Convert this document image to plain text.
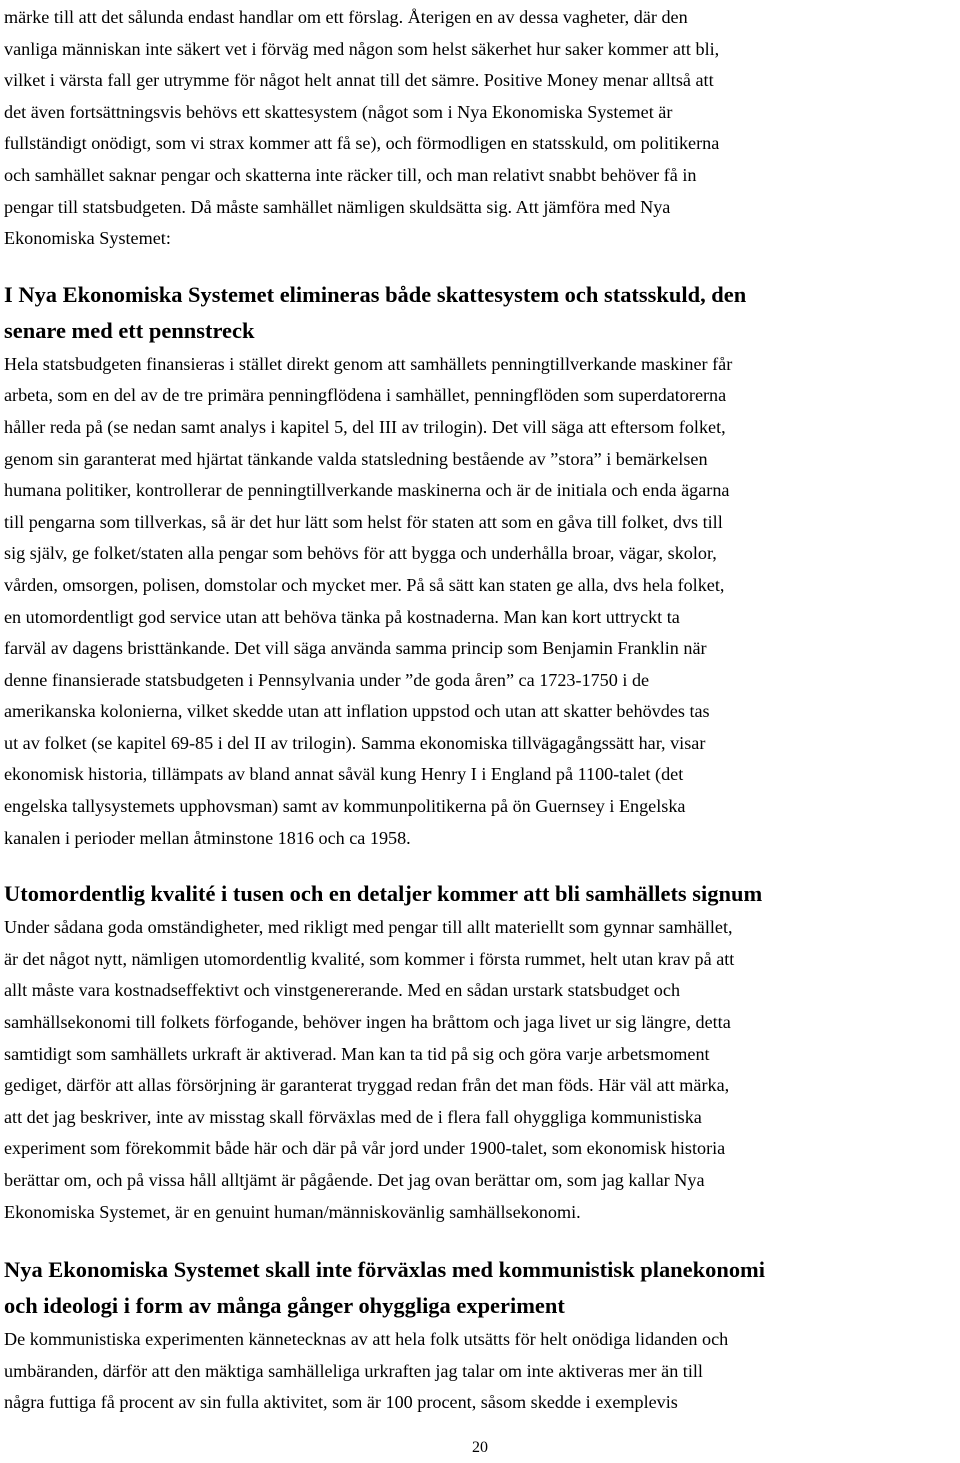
märke till att det sålunda endast handlar om ett förslag. Återigen en av dessa vagheter, där den
vanliga människan inte säkert vet i förväg med någon som helst säkerhet hur saker kommer att bli,
vilket i värsta fall ger utrymme för något helt annat till det sämre. Positive Money menar alltså att
det även fortsättningsvis behövs ett skattesystem (något som i Nya Ekonomiska Systemet är
fullständigt onödigt, som vi strax kommer att få se), och förmodligen en statsskuld, om politikerna
och samhället saknar pengar och skatterna inte räcker till, och man relativt snabbt behöver få in
pengar till statsbudgeten. Då måste samhället nämligen skuldsätta sig. Att jämföra med Nya
Ekonomiska Systemet:

I Nya Ekonomiska Systemet elimineras både skattesystem och statsskuld, den
senare med ett pennstreck

Hela statsbudgeten finansieras i stället direkt genom att samhällets penningtillverkande maskiner får
arbeta, som en del av de tre primära penningflödena i samhället, penningflöden som superdatorerna
håller reda på (se nedan samt analys i kapitel 5, del III av trilogin). Det vill säga att eftersom folket,
genom sin garanterat med hjärtat tänkande valda statsledning bestående av ”stora” i bemärkelsen
humana politiker, kontrollerar de penningtillverkande maskinerna och är de initiala och enda ägarna
till pengarna som tillverkas, så är det hur lätt som helst för staten att som en gåva till folket, dvs till
sig själv, ge folket/staten alla pengar som behövs för att bygga och underhålla broar, vägar, skolor,
vården, omsorgen, polisen, domstolar och mycket mer. På så sätt kan staten ge alla, dvs hela folket,
en utomordentligt god service utan att behöva tänka på kostnaderna. Man kan kort uttryckt ta
farväl av dagens bristtänkande. Det vill säga använda samma princip som Benjamin Franklin när
denne finansierade statsbudgeten i Pennsylvania under ”de goda åren” ca 1723-1750 i de
amerikanska kolonierna, vilket skedde utan att inflation uppstod och utan att skatter behövdes tas
ut av folket (se kapitel 69-85 i del II av trilogin). Samma ekonomiska tillvägagångssätt har, visar
ekonomisk historia, tillämpats av bland annat såväl kung Henry I i England på 1100-talet (det
engelska tallysystemets upphovsman) samt av kommunpolitikerna på ön Guernsey i Engelska
kanalen i perioder mellan åtminstone 1816 och ca 1958.

Utomordentlig kvalité i tusen och en detaljer kommer att bli samhällets signum

Under sådana goda omständigheter, med rikligt med pengar till allt materiellt som gynnar samhället,
är det något nytt, nämligen utomordentlig kvalité, som kommer i första rummet, helt utan krav på att
allt måste vara kostnadseffektivt och vinstgenererande. Med en sådan urstark statsbudget och
samhällsekonomi till folkets förfogande, behöver ingen ha bråttom och jaga livet ur sig längre, detta
samtidigt som samhällets urkraft är aktiverad. Man kan ta tid på sig och göra varje arbetsmoment
gediget, därför att allas försörjning är garanterat tryggad redan från det man föds. Här väl att märka,
att det jag beskriver, inte av misstag skall förväxlas med de i flera fall ohyggliga kommunistiska
experiment som förekommit både här och där på vår jord under 1900-talet, som ekonomisk historia
berättar om, och på vissa håll alltjämt är pågående. Det jag ovan berättar om, som jag kallar Nya
Ekonomiska Systemet, är en genuint human/människovänlig samhällsekonomi.

Nya Ekonomiska Systemet skall inte förväxlas med kommunistisk planekonomi
och ideologi i form av många gånger ohyggliga experiment

De kommunistiska experimenten kännetecknas av att hela folk utsätts för helt onödiga lidanden och
umbäranden, därför att den mäktiga samhälleliga urkraften jag talar om inte aktiveras mer än till
några futtiga få procent av sin fulla aktivitet, som är 100 procent, såsom skedde i exemplevis

20
